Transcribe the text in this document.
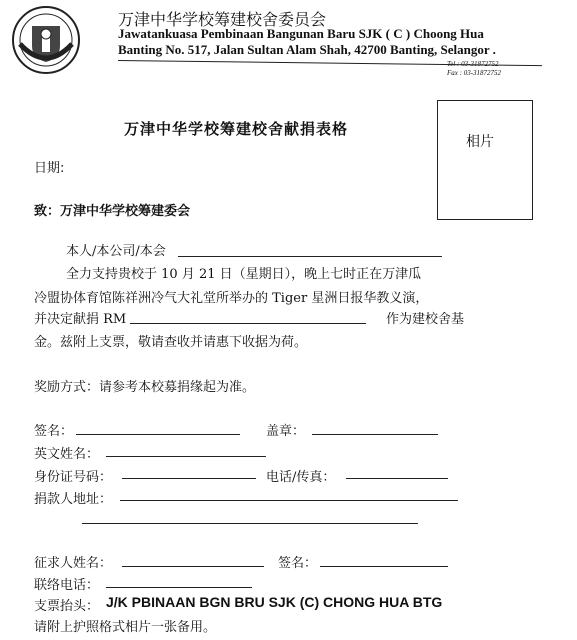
万津中华学校筹建校舍委员会
Jawatankuasa Pembinaan Bangunan Baru SJK ( C ) Choong Hua
Banting No. 517, Jalan Sultan Alam Shah, 42700 Banting, Selangor .
Tel : 03-31872752
Fax : 03-31872752
万津中华学校筹建校舍献捐表格
相片
日期:
致：万津中华学校筹建委会
本人/本公司/本会
全力支持贵校于 10 月 21 日（星期日），晚上七时正在万津瓜
冷盟协体育馆陈祥洲冷气大礼堂所举办的 Tiger 星洲日报华教义演，
并决定献捐 RM	作为建校舍基
金。兹附上支票，敬请查收并请惠下收据为荷。
奖励方式：请参考本校募捐缘起为准。
签名：	盖章：
英文姓名：
身份证号码：	电话/传真：
捐款人地址：
征求人姓名：	签名：
联络电话：
支票抬头： J/K PBINAAN BGN BRU SJK (C) CHONG HUA BTG
请附上护照格式相片一张备用。
